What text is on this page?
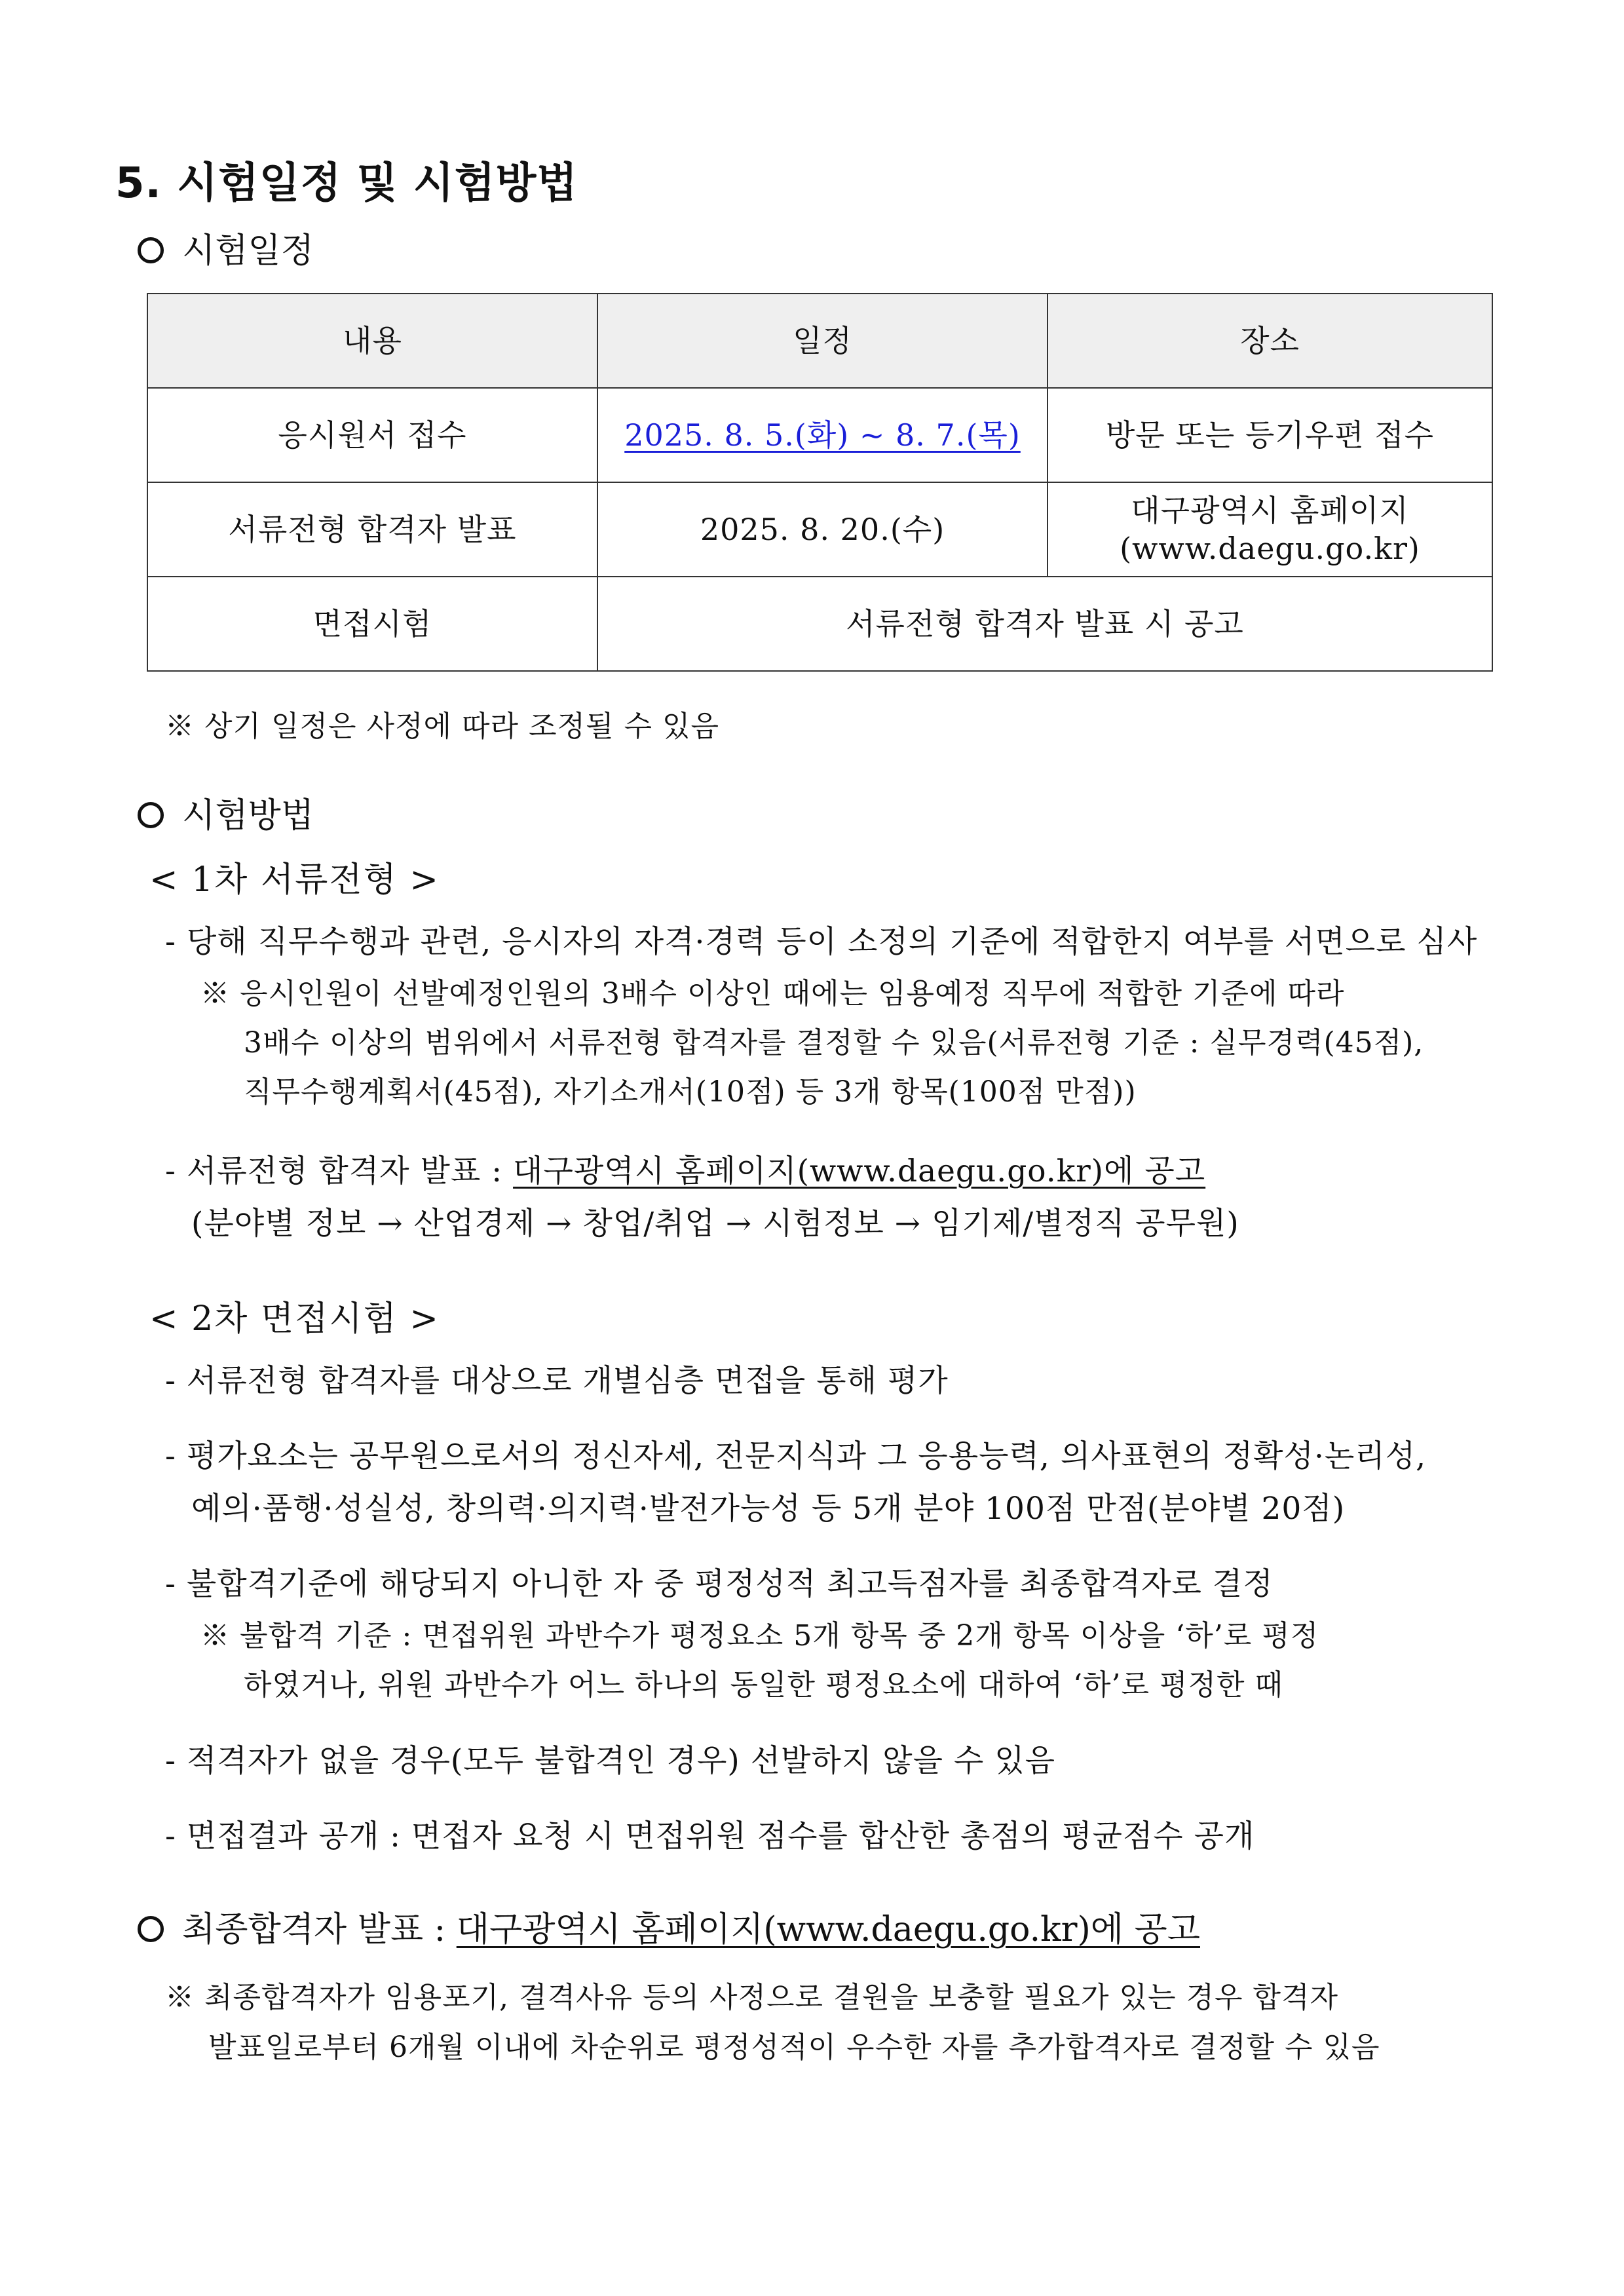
5. 시험일정 및 시험방법
시험일정
내용	일정	장소
응시원서 접수	2025. 8. 5.(화) ~ 8. 7.(목)	방문 또는 등기우편 접수
서류전형 합격자 발표	2025. 8. 20.(수)	대구광역시 홈페이지
(www.daegu.go.kr)

면접시험	서류전형 합격자 발표 시 공고	
※ 상기 일정은 사정에 따라 조정될 수 있음
시험방법
< 1차 서류전형 >
- 당해 직무수행과 관련, 응시자의 자격·경력 등이 소정의 기준에 적합한지 여부를 서면으로 심사
※ 응시인원이 선발예정인원의 3배수 이상인 때에는 임용예정 직무에 적합한 기준에 따라
3배수 이상의 범위에서 서류전형 합격자를 결정할 수 있음(서류전형 기준 : 실무경력(45점),
직무수행계획서(45점), 자기소개서(10점) 등 3개 항목(100점 만점))
- 서류전형 합격자 발표 : 대구광역시 홈페이지(www.daegu.go.kr)에 공고
(분야별 정보 → 산업경제 → 창업/취업 → 시험정보 → 임기제/별정직 공무원)
< 2차 면접시험 >
- 서류전형 합격자를 대상으로 개별심층 면접을 통해 평가
- 평가요소는 공무원으로서의 정신자세, 전문지식과 그 응용능력, 의사표현의 정확성·논리성,
예의·품행·성실성, 창의력·의지력·발전가능성 등 5개 분야 100점 만점(분야별 20점)
- 불합격기준에 해당되지 아니한 자 중 평정성적 최고득점자를 최종합격자로 결정
※ 불합격 기준 : 면접위원 과반수가 평정요소 5개 항목 중 2개 항목 이상을 ‘하’로 평정
하였거나, 위원 과반수가 어느 하나의 동일한 평정요소에 대하여 ‘하’로 평정한 때
- 적격자가 없을 경우(모두 불합격인 경우) 선발하지 않을 수 있음
- 면접결과 공개 : 면접자 요청 시 면접위원 점수를 합산한 총점의 평균점수 공개
최종합격자 발표 : 대구광역시 홈페이지(www.daegu.go.kr)에 공고
※ 최종합격자가 임용포기, 결격사유 등의 사정으로 결원을 보충할 필요가 있는 경우 합격자
발표일로부터 6개월 이내에 차순위로 평정성적이 우수한 자를 추가합격자로 결정할 수 있음
